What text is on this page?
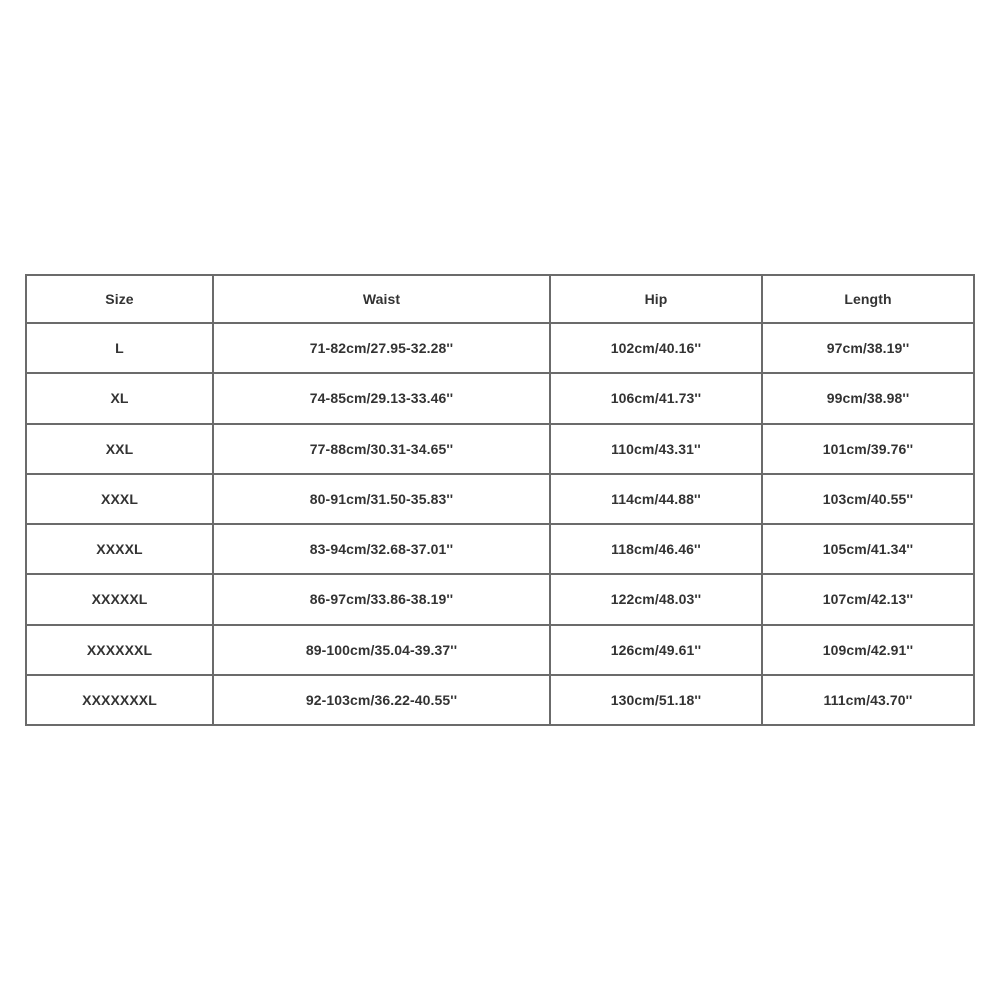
Size	Waist	Hip	Length
L	71-82cm/27.95-32.28''	102cm/40.16''	97cm/38.19''
XL	74-85cm/29.13-33.46''	106cm/41.73''	99cm/38.98''
XXL	77-88cm/30.31-34.65''	110cm/43.31''	101cm/39.76''
XXXL	80-91cm/31.50-35.83''	114cm/44.88''	103cm/40.55''
XXXXL	83-94cm/32.68-37.01''	118cm/46.46''	105cm/41.34''
XXXXXL	86-97cm/33.86-38.19''	122cm/48.03''	107cm/42.13''
XXXXXXL	89-100cm/35.04-39.37''	126cm/49.61''	109cm/42.91''
XXXXXXXL	92-103cm/36.22-40.55''	130cm/51.18''	111cm/43.70''
